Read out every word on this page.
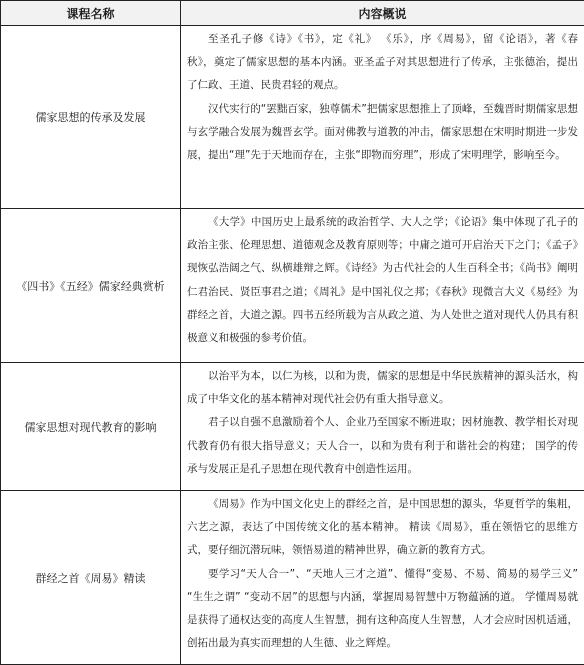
课程名称	内容概说
儒家思想的传承及发展	至圣孔子修《诗》《书》，定《礼》 《乐》，序《周易》，留《论语》，著《春秋》，奠定了儒家思想的基本内涵。亚圣孟子对其思想进行了传承，主张德治，提出了仁政、王道、民贵君轻的观点。

汉代实行的“罢黜百家，独尊儒术”把儒家思想推上了顶峰，至魏晋时期儒家思想与玄学融合发展为魏晋玄学。面对佛教与道教的冲击，儒家思想在宋明时期进一步发展，提出“理”先于天地而存在，主张“即物而穷理”，形成了宋明理学，影响至今。

《四书》《五经》儒家经典赏析	《大学》中国历史上最系统的政治哲学、大人之学；《论语》集中体现了孔子的政治主张、伦理思想、道德观念及教育原则等；中庸之道可开启治天下之门；《孟子》现恢弘浩阔之气、纵横雄辩之辉。《诗经》为古代社会的人生百科全书；《尚书》阐明仁君治民、贤臣事君之道；《周礼》是中国礼仪之邦；《春秋》现微言大义《易经》为群经之首，大道之源。四书五经所载为言从政之道、为人处世之道对现代人仍具有积极意义和极强的参考价值。

儒家思想对现代教育的影响	以治平为本，以仁为核，以和为贵，儒家的思想是中华民族精神的源头活水，构成了中华文化的基本精神对现代社会仍有重大指导意义。

君子以自强不息激励着个人、企业乃至国家不断进取；因材施教、教学相长对现代教育仍有很大指导意义；天人合一，以和为贵有利于和谐社会的构建； 国学的传承与发展正是孔子思想在现代教育中创造性运用。

群经之首《周易》精读	《周易》作为中国文化史上的群经之首，是中国思想的源头，华夏哲学的集粗，六艺之源，表达了中国传统文化的基本精神。 精读《周易》，重在领悟它的思维方式，要仔细沉潜玩味，领悟易道的精神世界，确立新的教育方式。

要学习“天人合一”、“天地人三才之道”、懂得“变易、不易、简易的易学三义” “生生之谓” “变动不居”的思想与内涵，掌握周易智慧中万物蕴涵的道。 学懂周易就是获得了通权达变的高度人生智慧，拥有这种高度人生智慧，人才会应时因机适通，创拓出最为真实而理想的人生德、业之辉煌。
